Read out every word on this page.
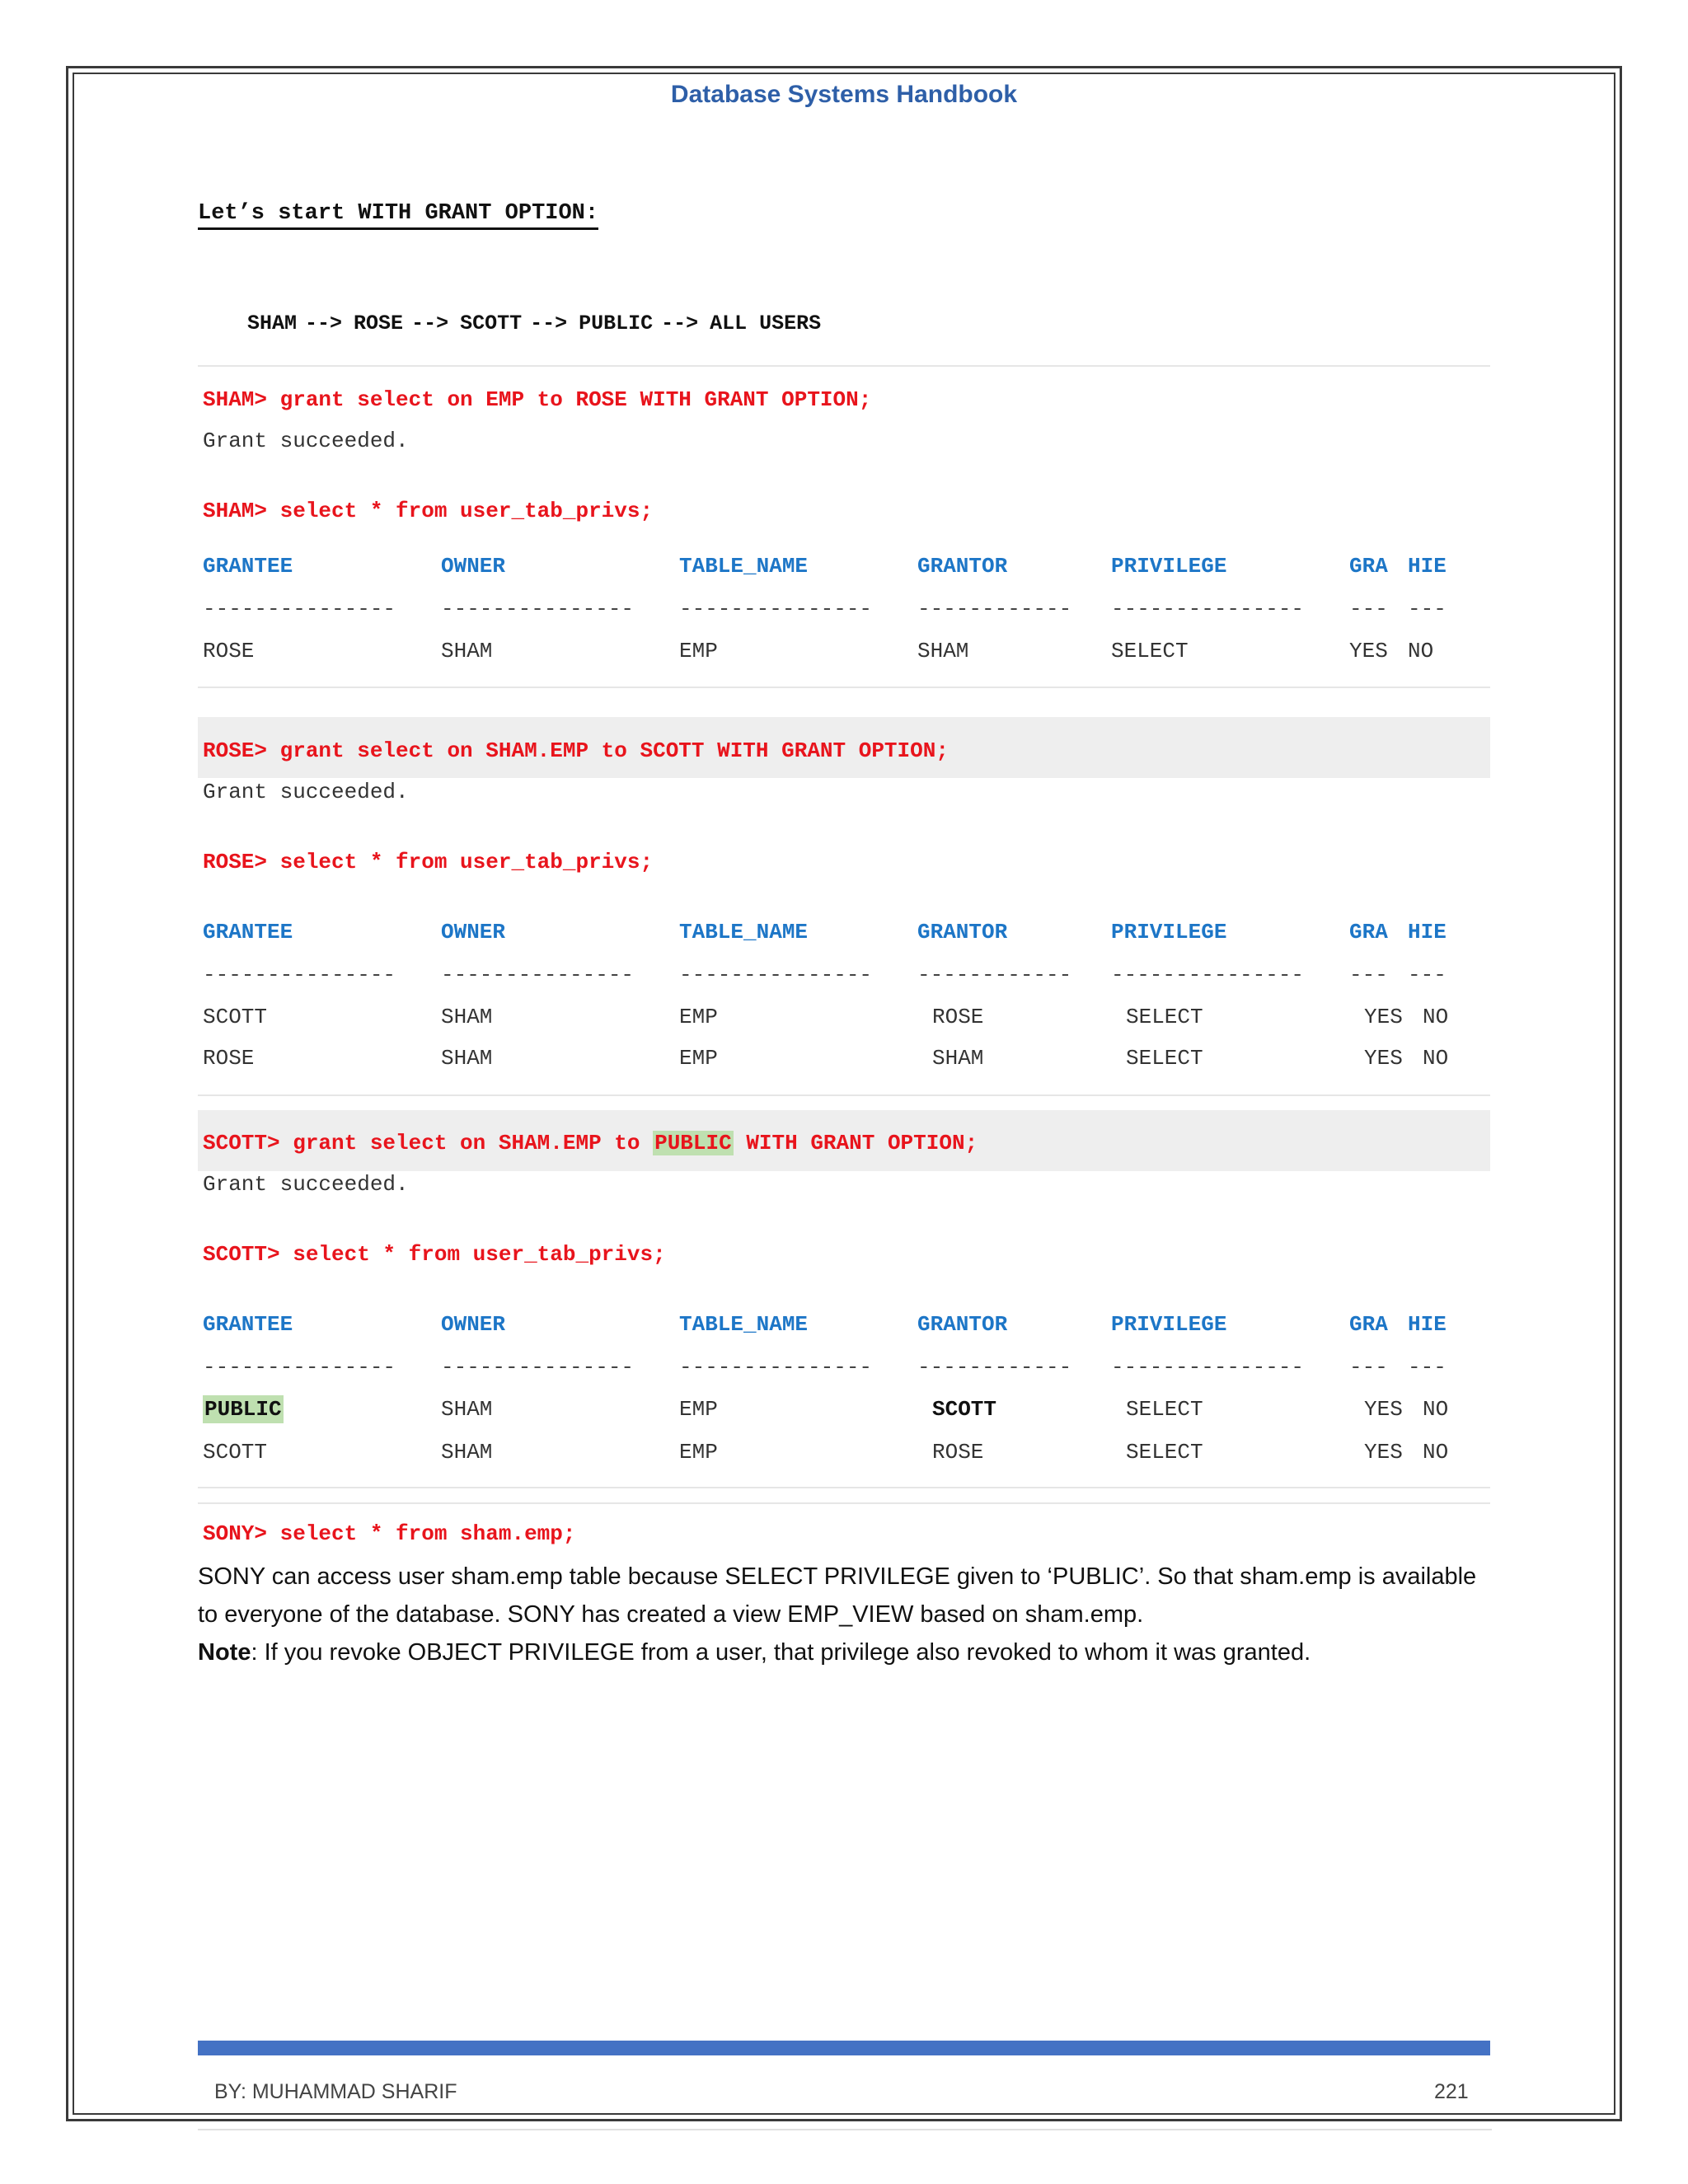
Database Systems Handbook
Let’s start WITH GRANT OPTION:

SHAM --> ROSE --> SCOTT --> PUBLIC --> ALL USERS

SHAM> grant select on EMP to ROSE WITH GRANT OPTION;
Grant succeeded.
SHAM> select * from user_tab_privs;
GRANTEE	OWNER	TABLE_NAME	GRANTOR	PRIVILEGE	GRA HIE
--------------- --------------- --------------- ------------ --------------- --- ---
ROSE	SHAM	EMP	SHAM	SELECT	YES NO
ROSE> grant select on SHAM.EMP to SCOTT WITH GRANT OPTION;
Grant succeeded.
ROSE> select * from user_tab_privs;
GRANTEE	OWNER	TABLE_NAME	GRANTOR	PRIVILEGE	GRA HIE
--------------- --------------- --------------- ------------ --------------- --- ---
SCOTT	SHAM	EMP	ROSE	SELECT	YES NO
ROSE	SHAM	EMP	SHAM	SELECT	YES NO
SCOTT> grant select on SHAM.EMP to PUBLIC WITH GRANT OPTION;
Grant succeeded.
SCOTT> select * from user_tab_privs;
GRANTEE	OWNER	TABLE_NAME	GRANTOR	PRIVILEGE	GRA HIE
--------------- --------------- --------------- ------------ --------------- --- ---
PUBLIC	SHAM	EMP	SCOTT	SELECT	YES NO
SCOTT	SHAM	EMP	ROSE	SELECT	YES NO
SONY> select * from sham.emp;
SONY can access user sham.emp table because SELECT PRIVILEGE given to ‘PUBLIC’. So that sham.emp is available
to everyone of the database. SONY has created a view EMP_VIEW based on sham.emp.
Note: If you revoke OBJECT PRIVILEGE from a user, that privilege also revoked to whom it was granted.
BY: MUHAMMAD SHARIF	221
